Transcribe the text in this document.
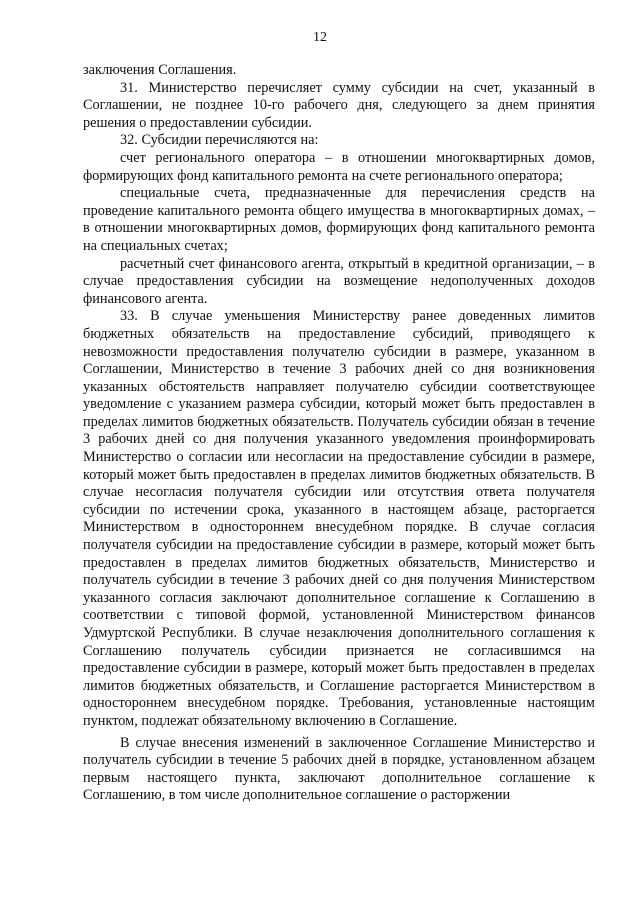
12

заключения Соглашения.

31. Министерство перечисляет сумму субсидии на счет, указанный в Соглашении, не позднее 10-го рабочего дня, следующего за днем принятия решения о предоставлении субсидии.

32. Субсидии перечисляются на:

счет регионального оператора – в отношении многоквартирных домов, формирующих фонд капитального ремонта на счете регионального оператора;

специальные счета, предназначенные для перечисления средств на проведение капитального ремонта общего имущества в многоквартирных домах, – в отношении многоквартирных домов, формирующих фонд капитального ремонта на специальных счетах;

расчетный счет финансового агента, открытый в кредитной организации, – в случае предоставления субсидии на возмещение недополученных доходов финансового агента.

33. В случае уменьшения Министерству ранее доведенных лимитов бюджетных обязательств на предоставление субсидий, приводящего к невозможности предоставления получателю субсидии в размере, указанном в Соглашении, Министерство в течение 3 рабочих дней со дня возникновения указанных обстоятельств направляет получателю субсидии соответствующее уведомление с указанием размера субсидии, который может быть предоставлен в пределах лимитов бюджетных обязательств. Получатель субсидии обязан в течение 3 рабочих дней со дня получения указанного уведомления проинформировать Министерство о согласии или несогласии на предоставление субсидии в размере, который может быть предоставлен в пределах лимитов бюджетных обязательств. В случае несогласия получателя субсидии или отсутствия ответа получателя субсидии по истечении срока, указанного в настоящем абзаце, расторгается Министерством в одностороннем внесудебном порядке. В случае согласия получателя субсидии на предоставление субсидии в размере, который может быть предоставлен в пределах лимитов бюджетных обязательств, Министерство и получатель субсидии в течение 3 рабочих дней со дня получения Министерством указанного согласия заключают дополнительное соглашение к Соглашению в соответствии с типовой формой, установленной Министерством финансов Удмуртской Республики. В случае незаключения дополнительного соглашения к Соглашению получатель субсидии признается не согласившимся на предоставление субсидии в размере, который может быть предоставлен в пределах лимитов бюджетных обязательств, и Соглашение расторгается Министерством в одностороннем внесудебном порядке. Требования, установленные настоящим пунктом, подлежат обязательному включению в Соглашение.

В случае внесения изменений в заключенное Соглашение Министерство и получатель субсидии в течение 5 рабочих дней в порядке, установленном абзацем первым настоящего пункта, заключают дополнительное соглашение к Соглашению, в том числе дополнительное соглашение о расторжении
